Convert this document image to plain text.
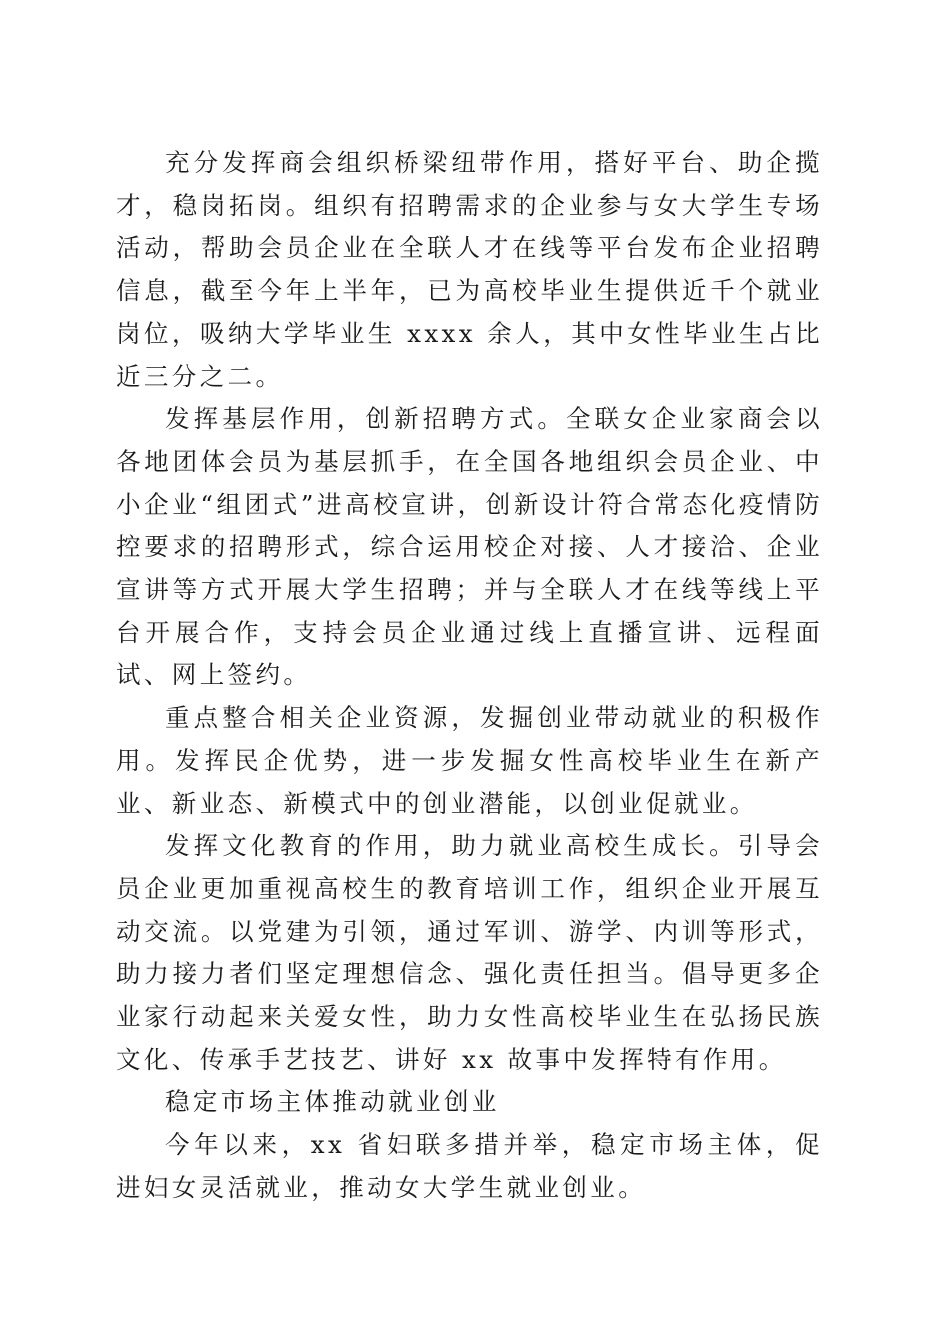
充分发挥商会组织桥梁纽带作用，搭好平台、助企揽才，稳岗拓岗。组织有招聘需求的企业参与女大学生专场活动，帮助会员企业在全联人才在线等平台发布企业招聘信息，截至今年上半年，已为高校毕业生提供近千个就业岗位，吸纳大学毕业生 xxxx 余人，其中女性毕业生占比近三分之二。

发挥基层作用，创新招聘方式。全联女企业家商会以各地团体会员为基层抓手，在全国各地组织会员企业、中小企业“组团式”进高校宣讲，创新设计符合常态化疫情防控要求的招聘形式，综合运用校企对接、人才接洽、企业宣讲等方式开展大学生招聘；并与全联人才在线等线上平台开展合作，支持会员企业通过线上直播宣讲、远程面试、网上签约。

重点整合相关企业资源，发掘创业带动就业的积极作用。发挥民企优势，进一步发掘女性高校毕业生在新产业、新业态、新模式中的创业潜能，以创业促就业。

发挥文化教育的作用，助力就业高校生成长。引导会员企业更加重视高校生的教育培训工作，组织企业开展互动交流。以党建为引领，通过军训、游学、内训等形式，助力接力者们坚定理想信念、强化责任担当。倡导更多企业家行动起来关爱女性，助力女性高校毕业生在弘扬民族文化、传承手艺技艺、讲好 xx 故事中发挥特有作用。

稳定市场主体推动就业创业

今年以来，xx 省妇联多措并举，稳定市场主体，促进妇女灵活就业，推动女大学生就业创业。
